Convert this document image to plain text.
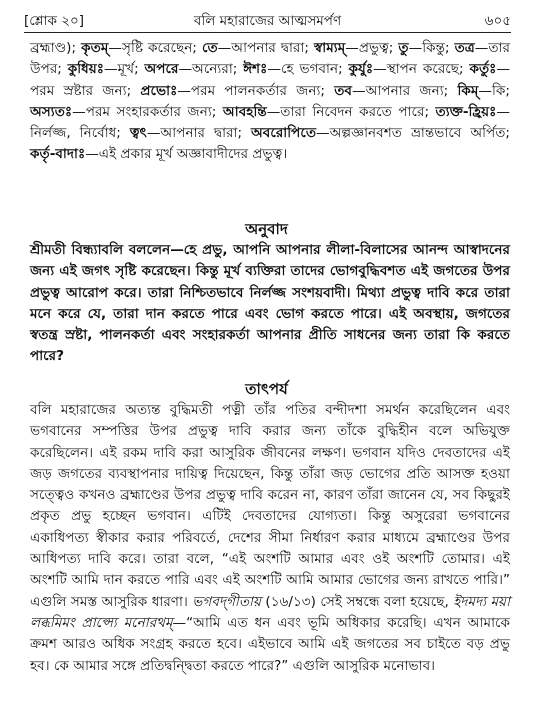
[শ্লোক ২০]	বলি মহারাজের আত্মসমর্পণ	৬০৫

ব্রহ্মাণ্ড); কৃতম্—সৃষ্টি করেছেন; তে—আপনার দ্বারা; স্বাম্যম্—প্রভুত্ব; তু—কিন্তু; তত্র—তার উপর; কুধিয়ঃ—মূর্খ; অপরে—অন্যেরা; ঈশঃ—হে ভগবান; কুর্যুঃ—স্থাপন করেছে; কর্তুঃ—পরম স্রষ্টার জন্য; প্রভোঃ—পরম পালনকর্তার জন্য; তব—আপনার জন্য; কিম্—কি; অস্যতঃ—পরম সংহারকর্তার জন্য; আবহন্তি—তারা নিবেদন করতে পারে; ত্যক্ত-হ্রিয়ঃ—নির্লজ্জ, নির্বোধ; ত্বৎ—আপনার দ্বারা; অবরোপিতে—অল্পজ্ঞানবশত ভ্রান্তভাবে অর্পিত; কর্তৃ-বাদাঃ—এই প্রকার মূর্খ অজ্ঞাবাদীদের প্রভুত্ব।

অনুবাদ

শ্রীমতী বিন্ধ্যাবলি বললেন—হে প্রভু, আপনি আপনার লীলা-বিলাসের আনন্দ আস্বাদনের জন্য এই জগৎ সৃষ্টি করেছেন। কিন্তু মূর্খ ব্যক্তিরা তাদের ভোগবুদ্ধিবশত এই জগতের উপর প্রভুত্ব আরোপ করে। তারা নিশ্চিতভাবে নির্লজ্জ সংশয়বাদী। মিথ্যা প্রভুত্ব দাবি করে তারা মনে করে যে, তারা দান করতে পারে এবং ভোগ করতে পারে। এই অবস্থায়, জগতের স্বতন্ত্র স্রষ্টা, পালনকর্তা এবং সংহারকর্তা আপনার প্রীতি সাধনের জন্য তারা কি করতে পারে?

তাৎপর্য

বলি মহারাজের অত্যন্ত বুদ্ধিমতী পত্নী তাঁর পতির বন্দীদশা সমর্থন করেছিলেন এবং ভগবানের সম্পত্তির উপর প্রভুত্ব দাবি করার জন্য তাঁকে বুদ্ধিহীন বলে অভিযুক্ত করেছিলেন। এই রকম দাবি করা আসুরিক জীবনের লক্ষণ। ভগবান যদিও দেবতাদের এই জড় জগতের ব্যবস্থাপনার দায়িত্ব দিয়েছেন, কিন্তু তাঁরা জড় ভোগের প্রতি আসক্ত হওয়া সত্ত্বেও কখনও ব্রহ্মাণ্ডের উপর প্রভুত্ব দাবি করেন না, কারণ তাঁরা জানেন যে, সব কিছুরই প্রকৃত প্রভু হচ্ছেন ভগবান। এটিই দেবতাদের যোগ্যতা। কিন্তু অসুরেরা ভগবানের একাধিপত্য স্বীকার করার পরিবর্তে, দেশের সীমা নির্ধারণ করার মাধ্যমে ব্রহ্মাণ্ডের উপর আধিপত্য দাবি করে। তারা বলে, “এই অংশটি আমার এবং ওই অংশটি তোমার। এই অংশটি আমি দান করতে পারি এবং এই অংশটি আমি আমার ভোগের জন্য রাখতে পারি।” এগুলি সমস্ত আসুরিক ধারণা। ভগবদ্‌গীতায় (১৬/১৩) সেই সম্বন্ধে বলা হয়েছে, ইদমদ্য ময়া লব্ধমিমং প্রাপ্স্যে মনোরথম্—“আমি এত ধন এবং ভূমি অধিকার করেছি। এখন আমাকে ক্রমশ আরও অধিক সংগ্রহ করতে হবে। এইভাবে আমি এই জগতের সব চাইতে বড় প্রভু হব। কে আমার সঙ্গে প্রতিদ্বন্দ্বিতা করতে পারে?” এগুলি আসুরিক মনোভাব।
